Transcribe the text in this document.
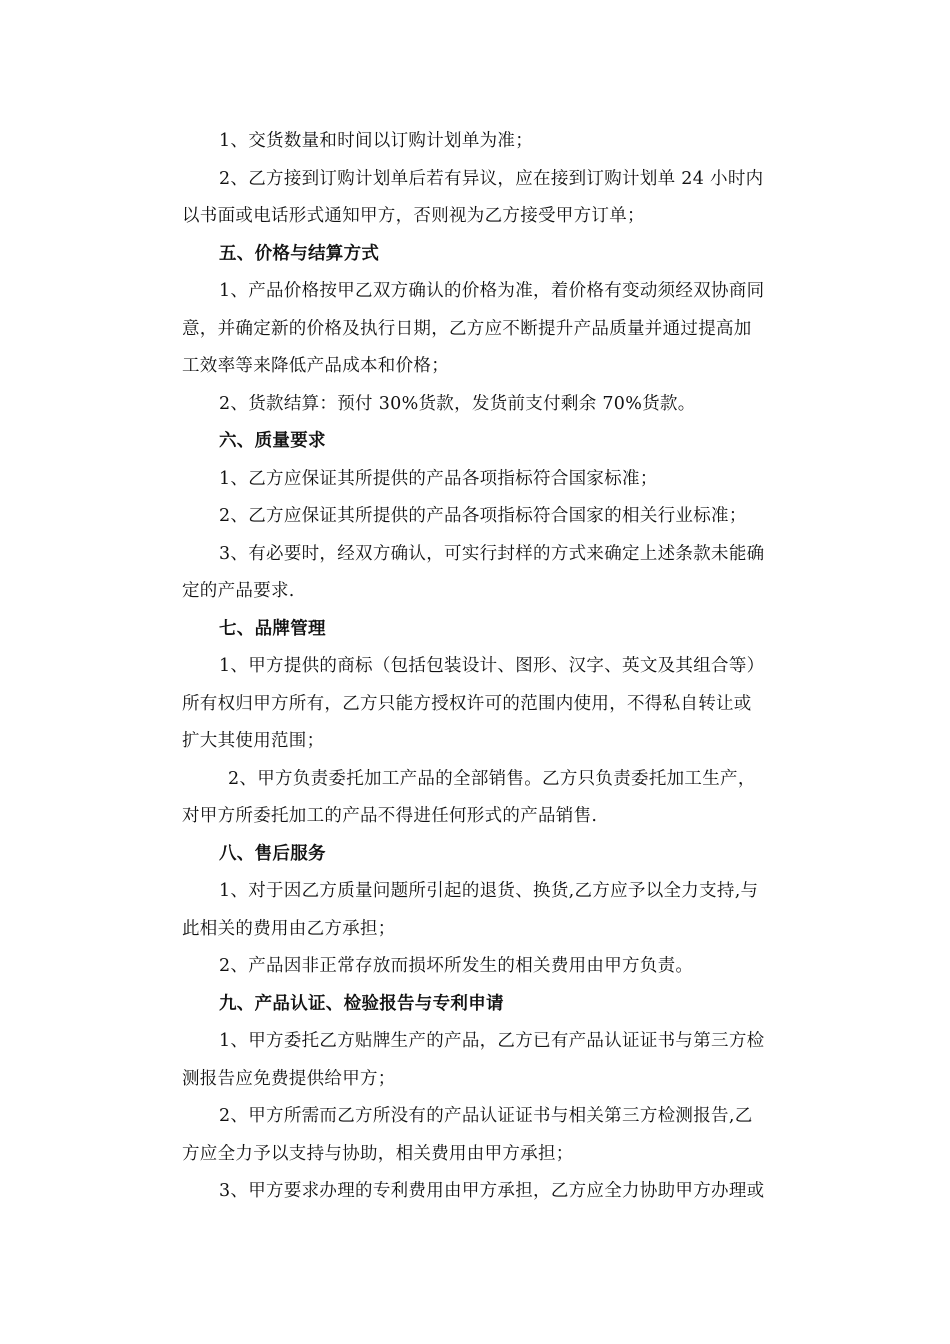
1、交货数量和时间以订购计划单为准；
2、乙方接到订购计划单后若有异议，应在接到订购计划单 24 小时内
以书面或电话形式通知甲方，否则视为乙方接受甲方订单；
五、价格与结算方式
1、产品价格按甲乙双方确认的价格为准，着价格有变动须经双协商同
意，并确定新的价格及执行日期，乙方应不断提升产品质量并通过提高加
工效率等来降低产品成本和价格；
2、货款结算：预付 30%货款，发货前支付剩余 70%货款。
六、质量要求
1、乙方应保证其所提供的产品各项指标符合国家标准；
2、乙方应保证其所提供的产品各项指标符合国家的相关行业标准；
3、有必要时，经双方确认，可实行封样的方式来确定上述条款未能确
定的产品要求.
七、品牌管理
1、甲方提供的商标（包括包装设计、图形、汉字、英文及其组合等）
所有权归甲方所有，乙方只能方授权许可的范围内使用，不得私自转让或
扩大其使用范围；
2、甲方负责委托加工产品的全部销售。乙方只负责委托加工生产，
对甲方所委托加工的产品不得进任何形式的产品销售.
八、售后服务
1、对于因乙方质量问题所引起的退货、换货,乙方应予以全力支持,与
此相关的费用由乙方承担；
2、产品因非正常存放而损坏所发生的相关费用由甲方负责。
九、产品认证、检验报告与专利申请
1、甲方委托乙方贴牌生产的产品，乙方已有产品认证证书与第三方检
测报告应免费提供给甲方；
2、甲方所需而乙方所没有的产品认证证书与相关第三方检测报告,乙
方应全力予以支持与协助，相关费用由甲方承担；
3、甲方要求办理的专利费用由甲方承担，乙方应全力协助甲方办理或
